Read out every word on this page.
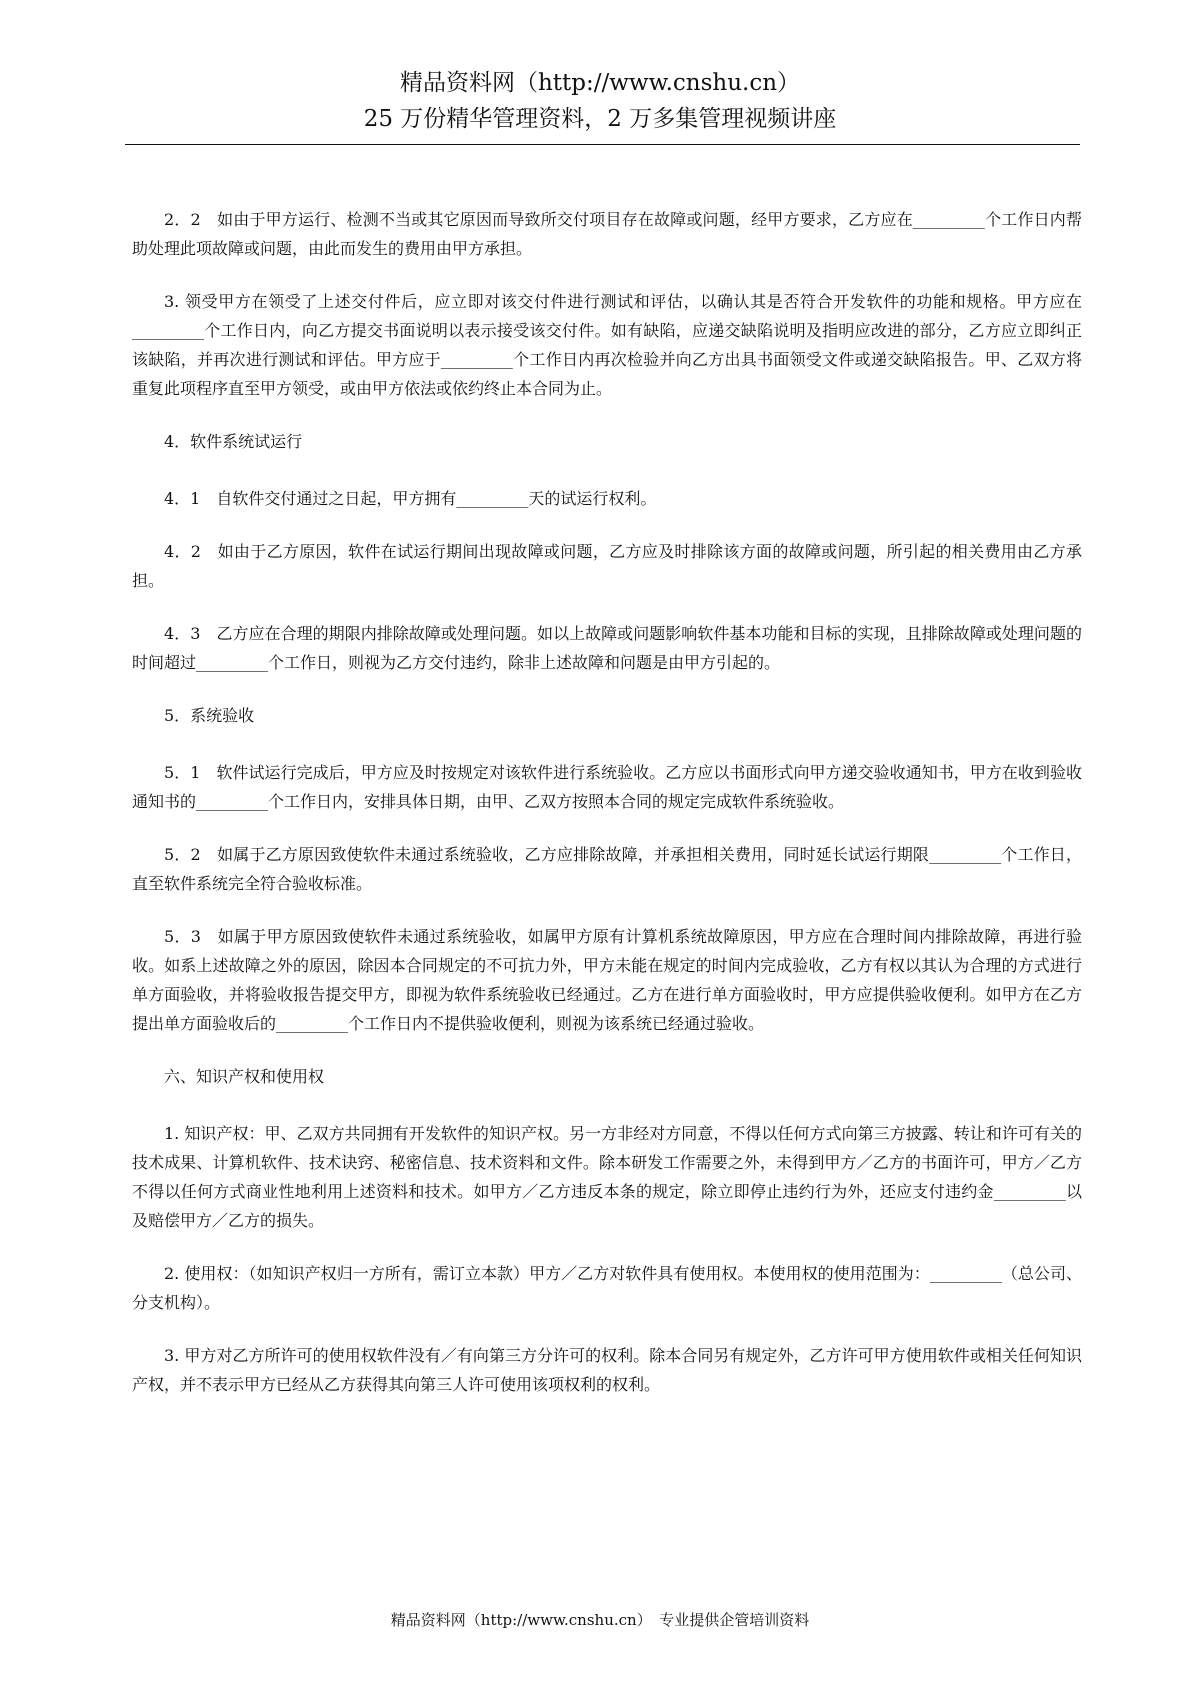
精品资料网（http://www.cnshu.cn）
25 万份精华管理资料，2 万多集管理视频讲座

2．2　如由于甲方运行、检测不当或其它原因而导致所交付项目存在故障或问题，经甲方要求，乙方应在_________个工作日内帮助处理此项故障或问题，由此而发生的费用由甲方承担。

3. 领受甲方在领受了上述交付件后，应立即对该交付件进行测试和评估，以确认其是否符合开发软件的功能和规格。甲方应在_________个工作日内，向乙方提交书面说明以表示接受该交付件。如有缺陷，应递交缺陷说明及指明应改进的部分，乙方应立即纠正该缺陷，并再次进行测试和评估。甲方应于_________个工作日内再次检验并向乙方出具书面领受文件或递交缺陷报告。甲、乙双方将重复此项程序直至甲方领受，或由甲方依法或依约终止本合同为止。

4．软件系统试运行

4．1　自软件交付通过之日起，甲方拥有_________天的试运行权利。

4．2　如由于乙方原因，软件在试运行期间出现故障或问题，乙方应及时排除该方面的故障或问题，所引起的相关费用由乙方承担。

4．3　乙方应在合理的期限内排除故障或处理问题。如以上故障或问题影响软件基本功能和目标的实现，且排除故障或处理问题的时间超过_________个工作日，则视为乙方交付违约，除非上述故障和问题是由甲方引起的。

5．系统验收

5．1　软件试运行完成后，甲方应及时按规定对该软件进行系统验收。乙方应以书面形式向甲方递交验收通知书，甲方在收到验收通知书的_________个工作日内，安排具体日期，由甲、乙双方按照本合同的规定完成软件系统验收。

5．2　如属于乙方原因致使软件未通过系统验收，乙方应排除故障，并承担相关费用，同时延长试运行期限_________个工作日，直至软件系统完全符合验收标准。

5．3　如属于甲方原因致使软件未通过系统验收，如属甲方原有计算机系统故障原因，甲方应在合理时间内排除故障，再进行验收。如系上述故障之外的原因，除因本合同规定的不可抗力外，甲方未能在规定的时间内完成验收，乙方有权以其认为合理的方式进行单方面验收，并将验收报告提交甲方，即视为软件系统验收已经通过。乙方在进行单方面验收时，甲方应提供验收便利。如甲方在乙方提出单方面验收后的_________个工作日内不提供验收便利，则视为该系统已经通过验收。

六、知识产权和使用权

1. 知识产权：甲、乙双方共同拥有开发软件的知识产权。另一方非经对方同意，不得以任何方式向第三方披露、转让和许可有关的技术成果、计算机软件、技术诀窍、秘密信息、技术资料和文件。除本研发工作需要之外，未得到甲方／乙方的书面许可，甲方／乙方不得以任何方式商业性地利用上述资料和技术。如甲方／乙方违反本条的规定，除立即停止违约行为外，还应支付违约金_________以及赔偿甲方／乙方的损失。

2. 使用权：（如知识产权归一方所有，需订立本款）甲方／乙方对软件具有使用权。本使用权的使用范围为：_________（总公司、分支机构）。

3. 甲方对乙方所许可的使用权软件没有／有向第三方分许可的权利。除本合同另有规定外，乙方许可甲方使用软件或相关任何知识产权，并不表示甲方已经从乙方获得其向第三人许可使用该项权利的权利。

精品资料网（http://www.cnshu.cn）　专业提供企管培训资料
